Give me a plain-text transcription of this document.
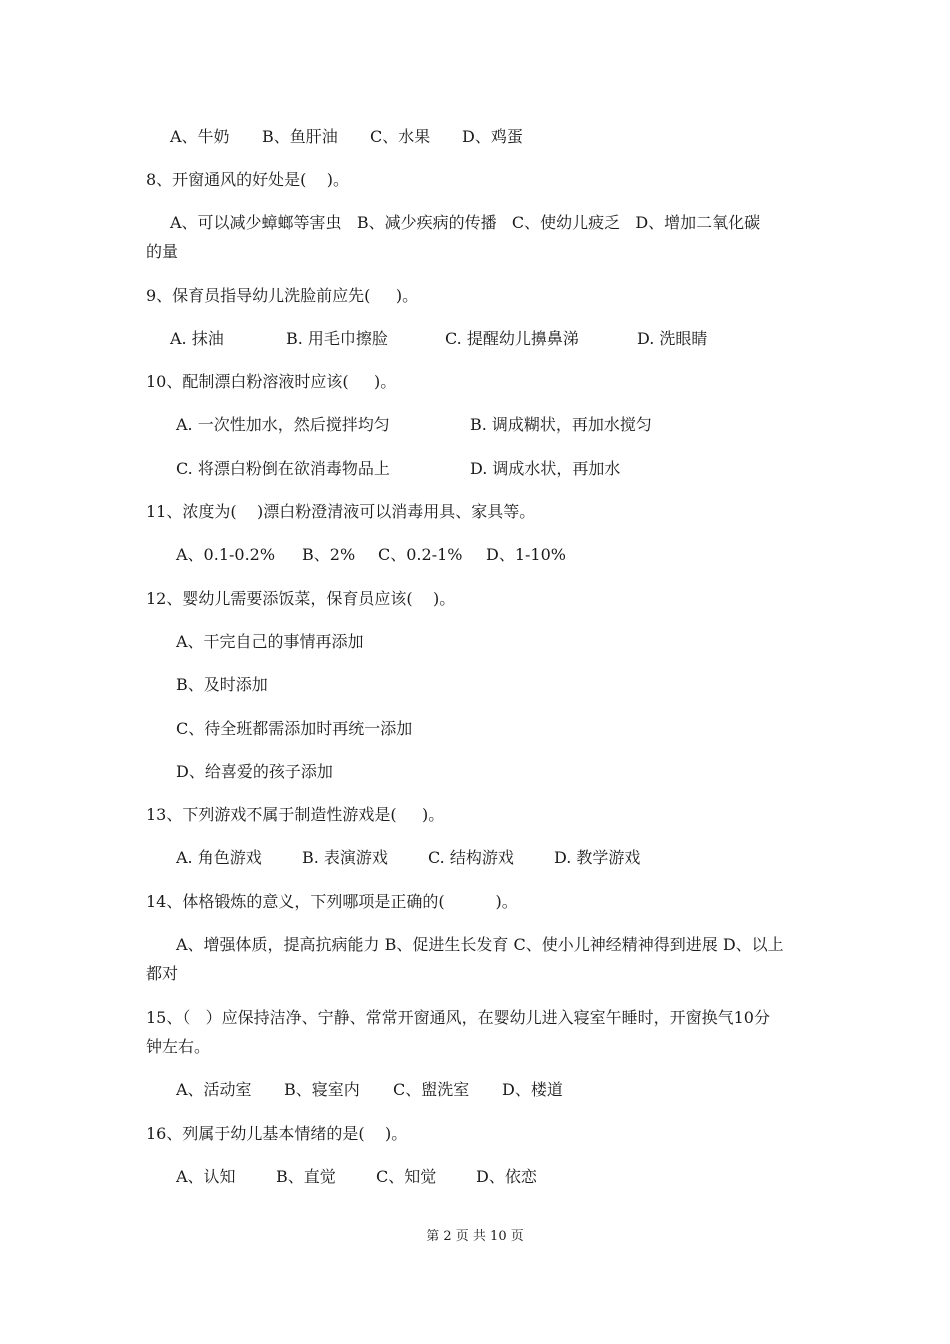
A、牛奶 B、鱼肝油 C、水果 D、鸡蛋
8、开窗通风的好处是(    )。
A、可以减少蟑螂等害虫   B、减少疾病的传播   C、使幼儿疲乏   D、增加二氧化碳
的量
9、保育员指导幼儿洗脸前应先(     )。
A. 抹油	B. 用毛巾擦脸	C. 提醒幼儿擤鼻涕	D. 洗眼睛
10、配制漂白粉溶液时应该(     )。
A. 一次性加水，然后搅拌均匀	B. 调成糊状，再加水搅匀
C. 将漂白粉倒在欲消毒物品上	D. 调成水状，再加水
11、浓度为(    )漂白粉澄清液可以消毒用具、家具等。
A、0.1-0.2% B、2% C、0.2-1% D、1-10%
12、婴幼儿需要添饭菜，保育员应该(    )。
A、干完自己的事情再添加
B、及时添加
C、待全班都需添加时再统一添加
D、给喜爱的孩子添加
13、下列游戏不属于制造性游戏是(     )。
A. 角色游戏	B. 表演游戏	C. 结构游戏	D. 教学游戏
14、体格锻炼的意义，下列哪项是正确的(          )。
A、增强体质，提高抗病能力 B、促进生长发育 C、使小儿神经精神得到进展 D、以上
都对
15、（   ）应保持洁净、宁静、常常开窗通风，在婴幼儿进入寝室午睡时，开窗换气10分
钟左右。
A、活动室 B、寝室内 C、盥洗室 D、楼道
16、列属于幼儿基本情绪的是(    )。
A、认知	B、直觉	C、知觉 D、依恋
第 2 页 共 10 页
